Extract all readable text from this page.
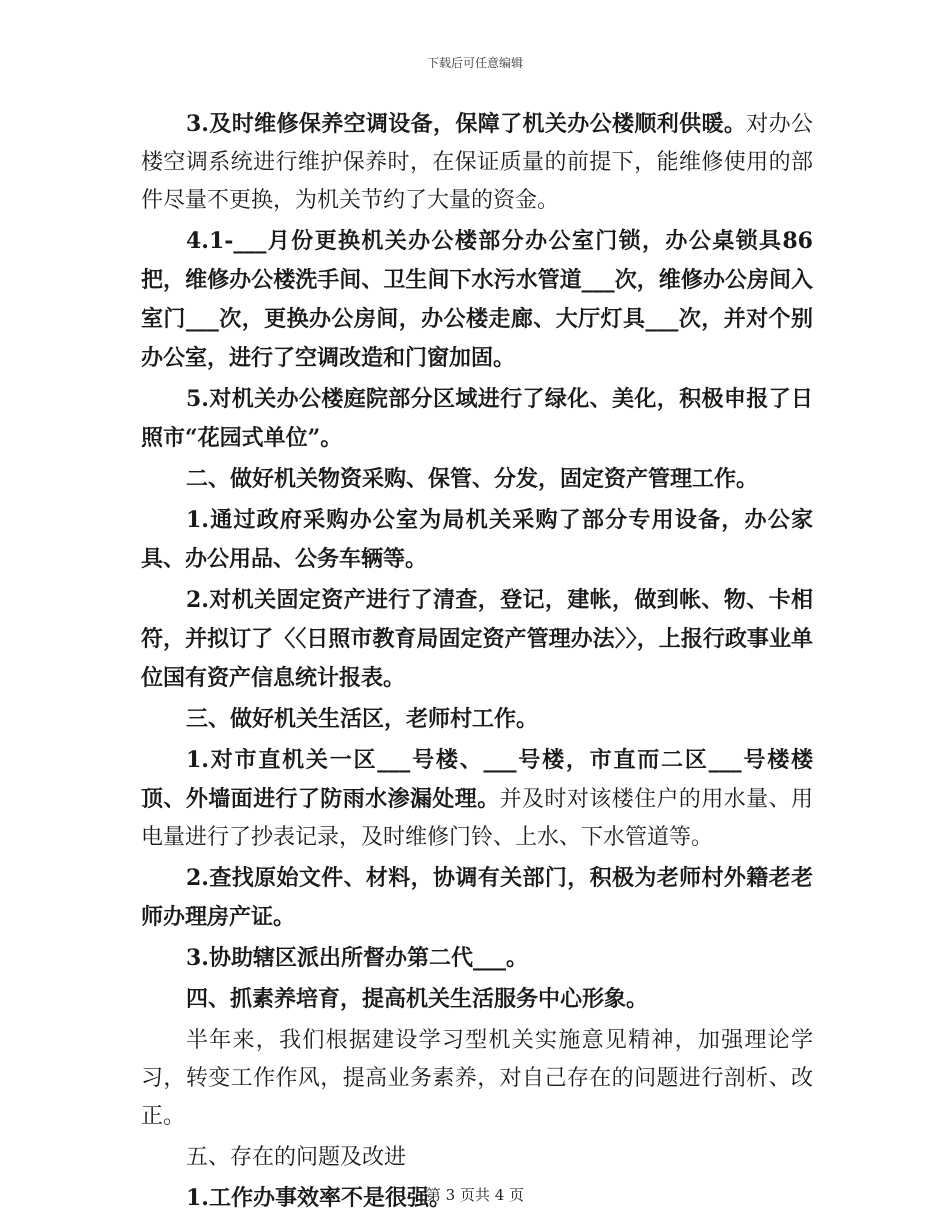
下载后可任意编辑

3.及时维修保养空调设备，保障了机关办公楼顺利供暖。对办公楼空调系统进行维护保养时，在保证质量的前提下，能维修使用的部件尽量不更换，为机关节约了大量的资金。

4.1-___月份更换机关办公楼部分办公室门锁，办公桌锁具86把，维修办公楼洗手间、卫生间下水污水管道___次，维修办公房间入室门___次，更换办公房间，办公楼走廊、大厅灯具___次，并对个别办公室，进行了空调改造和门窗加固。

5.对机关办公楼庭院部分区域进行了绿化、美化，积极申报了日照市“花园式单位”。

二、做好机关物资采购、保管、分发，固定资产管理工作。

1.通过政府采购办公室为局机关采购了部分专用设备，办公家具、办公用品、公务车辆等。

2.对机关固定资产进行了清查，登记，建帐，做到帐、物、卡相符，并拟订了〈〈日照市教育局固定资产管理办法〉〉，上报行政事业单位国有资产信息统计报表。

三、做好机关生活区，老师村工作。

1.对市直机关一区___号楼、___号楼，市直而二区___号楼楼顶、外墙面进行了防雨水渗漏处理。并及时对该楼住户的用水量、用电量进行了抄表记录，及时维修门铃、上水、下水管道等。

2.查找原始文件、材料，协调有关部门，积极为老师村外籍老老师办理房产证。

3.协助辖区派出所督办第二代___。

四、抓素养培育，提高机关生活服务中心形象。

半年来，我们根据建设学习型机关实施意见精神，加强理论学习，转变工作作风，提高业务素养，对自己存在的问题进行剖析、改正。

五、存在的问题及改进

1.工作办事效率不是很强。

第 3 页共 4 页
